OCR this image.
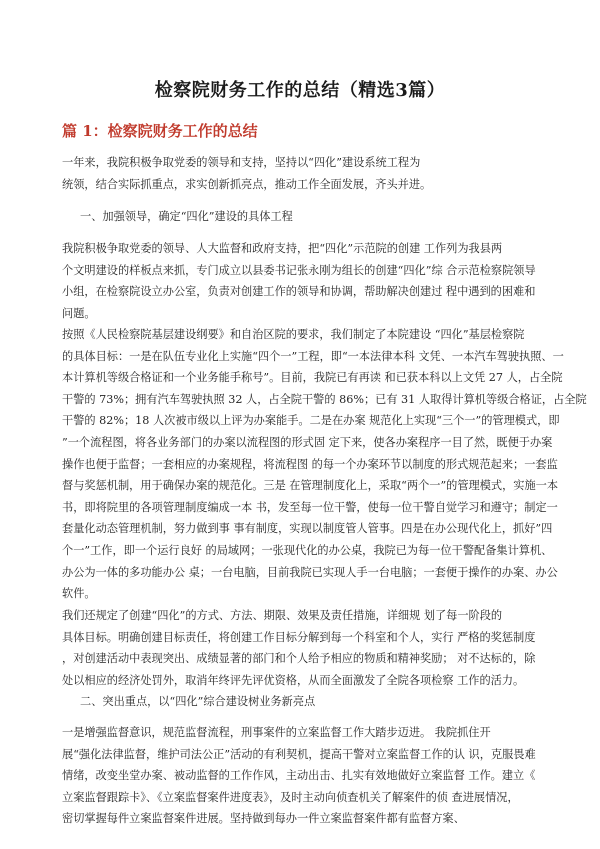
检察院财务工作的总结（精选3篇）
篇 1：检察院财务工作的总结
一年来，我院积极争取党委的领导和支持，坚持以“四化”建设系统工程为
统领，结合实际抓重点，求实创新抓亮点，推动工作全面发展，齐头并进。
一、加强领导，确定“四化”建设的具体工程
我院积极争取党委的领导、人大监督和政府支持，把“四化”示范院的创建 工作列为我县两
个文明建设的样板点来抓，专门成立以县委书记张永刚为组长的创建“四化”综 合示范检察院领导
小组，在检察院设立办公室，负责对创建工作的领导和协调，帮助解决创建过 程中遇到的困难和
问题。
按照《人民检察院基层建设纲要》和自治区院的要求，我们制定了本院建设 “四化”基层检察院
的具体目标：一是在队伍专业化上实施“四个一”工程，即“一本法律本科 文凭、一本汽车驾驶执照、一
本计算机等级合格证和一个业务能手称号”。目前，我院已有再读 和已获本科以上文凭 27 人，占全院
干警的 73%；拥有汽车驾驶执照 32 人，占全院干警的 86%；已有 31 人取得计算机等级合格证，占全院
干警的 82%；18 人次被市级以上评为办案能手。二是在办案 规范化上实现“三个一”的管理模式，即
”一个流程图，将各业务部门的办案以流程图的形式固 定下来，使各办案程序一目了然，既便于办案
操作也便于监督；一套相应的办案规程，将流程图 的每一个办案环节以制度的形式规范起来；一套监
督与奖惩机制，用于确保办案的规范化。三是 在管理制度化上，采取“两个一”的管理模式，实施一本
书，即将院里的各项管理制度编成一本 书，发至每一位干警，使每一位干警自觉学习和遵守；制定一
套量化动态管理机制，努力做到事 事有制度，实现以制度管人管事。四是在办公现代化上，抓好”四
个一”工作，即一个运行良好 的局域网；一张现代化的办公桌，我院已为每一位干警配备集计算机、
办公为一体的多功能办公 桌；一台电脑，目前我院已实现人手一台电脑；一套便于操作的办案、办公
软件。
我们还规定了创建“四化”的方式、方法、期限、效果及责任措施，详细规 划了每一阶段的
具体目标。明确创建目标责任，将创建工作目标分解到每一个科室和个人，实行 严格的奖惩制度
，对创建活动中表现突出、成绩显著的部门和个人给予相应的物质和精神奖励； 对不达标的，除
处以相应的经济处罚外，取消年终评先评优资格，从而全面激发了全院各项检察 工作的活力。
二、突出重点，以“四化”综合建设树业务新亮点
一是增强监督意识，规范监督流程，刑事案件的立案监督工作大踏步迈进。 我院抓住开
展“强化法律监督，维护司法公正”活动的有利契机，提高干警对立案监督工作的认 识，克服畏难
情绪，改变坐堂办案、被动监督的工作作风，主动出击、扎实有效地做好立案监督 工作。建立《
立案监督跟踪卡》、《立案监督案件进度表》，及时主动向侦查机关了解案件的侦 查进展情况，
密切掌握每件立案监督案件进展。坚持做到每办一件立案监督案件都有监督方案、
